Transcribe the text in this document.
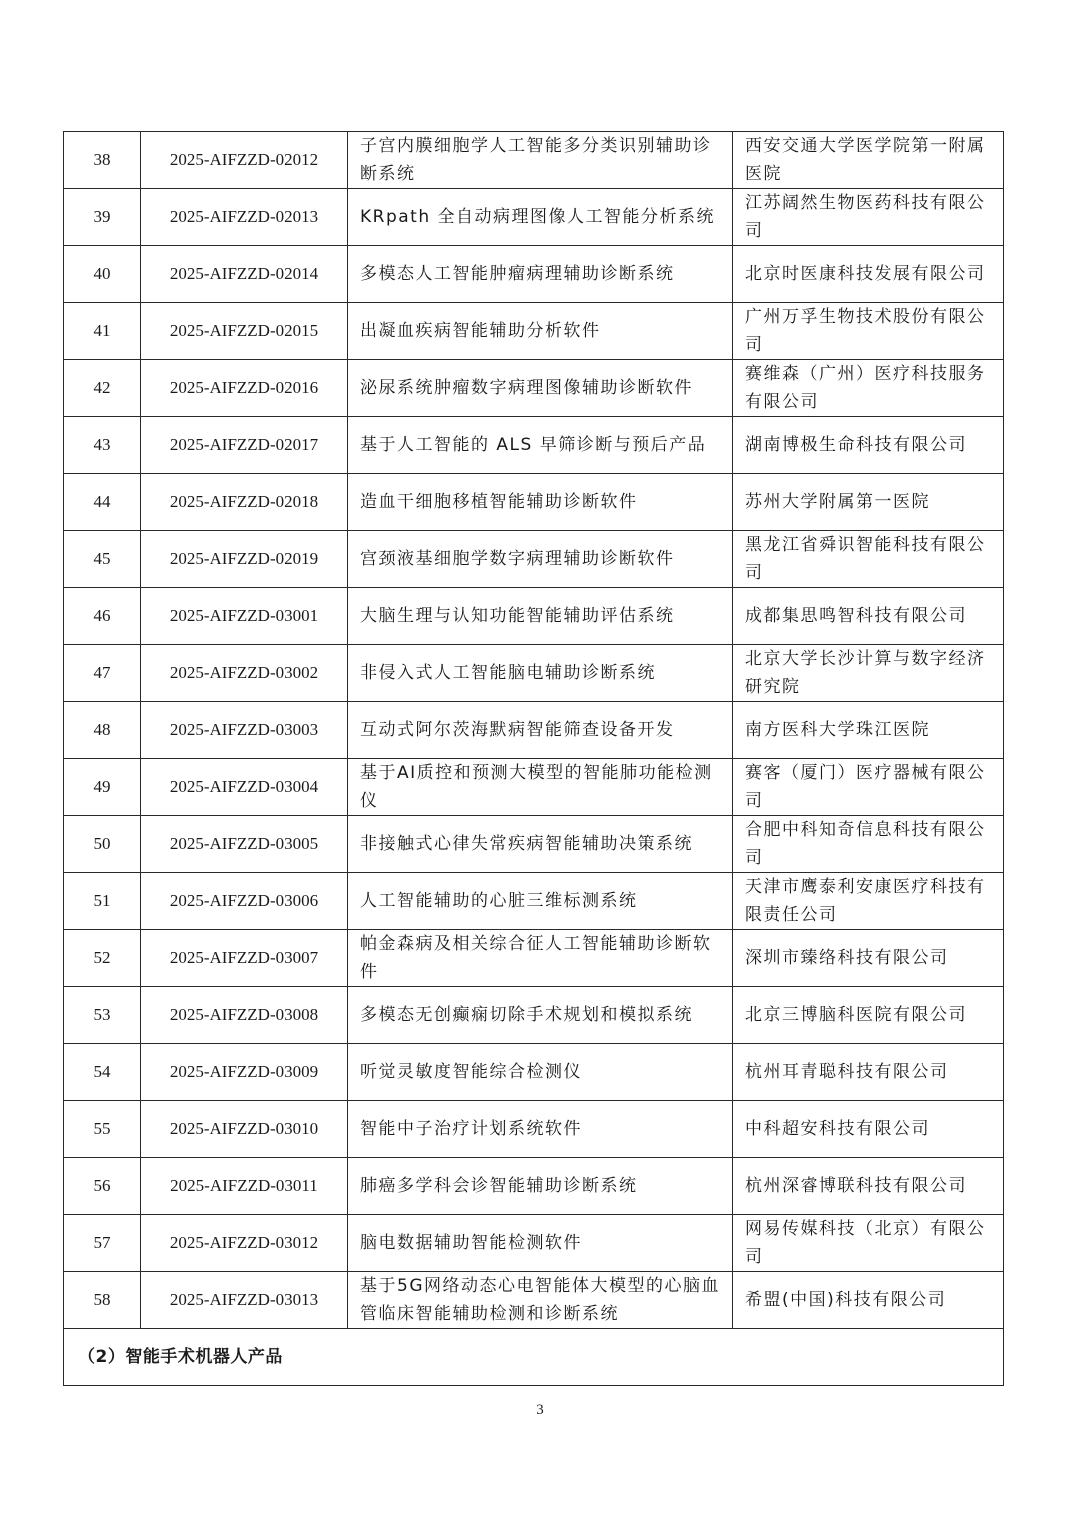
38	2025-AIFZZD-02012	子宫内膜细胞学人工智能多分类识别辅助诊断系统	西安交通大学医学院第一附属医院
39	2025-AIFZZD-02013	KRpath 全自动病理图像人工智能分析系统	江苏阔然生物医药科技有限公司
40	2025-AIFZZD-02014	多模态人工智能肿瘤病理辅助诊断系统	北京时医康科技发展有限公司
41	2025-AIFZZD-02015	出凝血疾病智能辅助分析软件	广州万孚生物技术股份有限公司
42	2025-AIFZZD-02016	泌尿系统肿瘤数字病理图像辅助诊断软件	赛维森（广州）医疗科技服务有限公司
43	2025-AIFZZD-02017	基于人工智能的 ALS 早筛诊断与预后产品	湖南博极生命科技有限公司
44	2025-AIFZZD-02018	造血干细胞移植智能辅助诊断软件	苏州大学附属第一医院
45	2025-AIFZZD-02019	宫颈液基细胞学数字病理辅助诊断软件	黑龙江省舜识智能科技有限公司
46	2025-AIFZZD-03001	大脑生理与认知功能智能辅助评估系统	成都集思鸣智科技有限公司
47	2025-AIFZZD-03002	非侵入式人工智能脑电辅助诊断系统	北京大学长沙计算与数字经济研究院
48	2025-AIFZZD-03003	互动式阿尔茨海默病智能筛查设备开发	南方医科大学珠江医院
49	2025-AIFZZD-03004	基于AI质控和预测大模型的智能肺功能检测仪	赛客（厦门）医疗器械有限公司
50	2025-AIFZZD-03005	非接触式心律失常疾病智能辅助决策系统	合肥中科知奇信息科技有限公司
51	2025-AIFZZD-03006	人工智能辅助的心脏三维标测系统	天津市鹰泰利安康医疗科技有限责任公司
52	2025-AIFZZD-03007	帕金森病及相关综合征人工智能辅助诊断软件	深圳市臻络科技有限公司
53	2025-AIFZZD-03008	多模态无创癫痫切除手术规划和模拟系统	北京三博脑科医院有限公司
54	2025-AIFZZD-03009	听觉灵敏度智能综合检测仪	杭州耳青聪科技有限公司
55	2025-AIFZZD-03010	智能中子治疗计划系统软件	中科超安科技有限公司
56	2025-AIFZZD-03011	肺癌多学科会诊智能辅助诊断系统	杭州深睿博联科技有限公司
57	2025-AIFZZD-03012	脑电数据辅助智能检测软件	网易传媒科技（北京）有限公司
58	2025-AIFZZD-03013	基于5G网络动态心电智能体大模型的心脑血管临床智能辅助检测和诊断系统	希盟(中国)科技有限公司
（2）智能手术机器人产品			
3
